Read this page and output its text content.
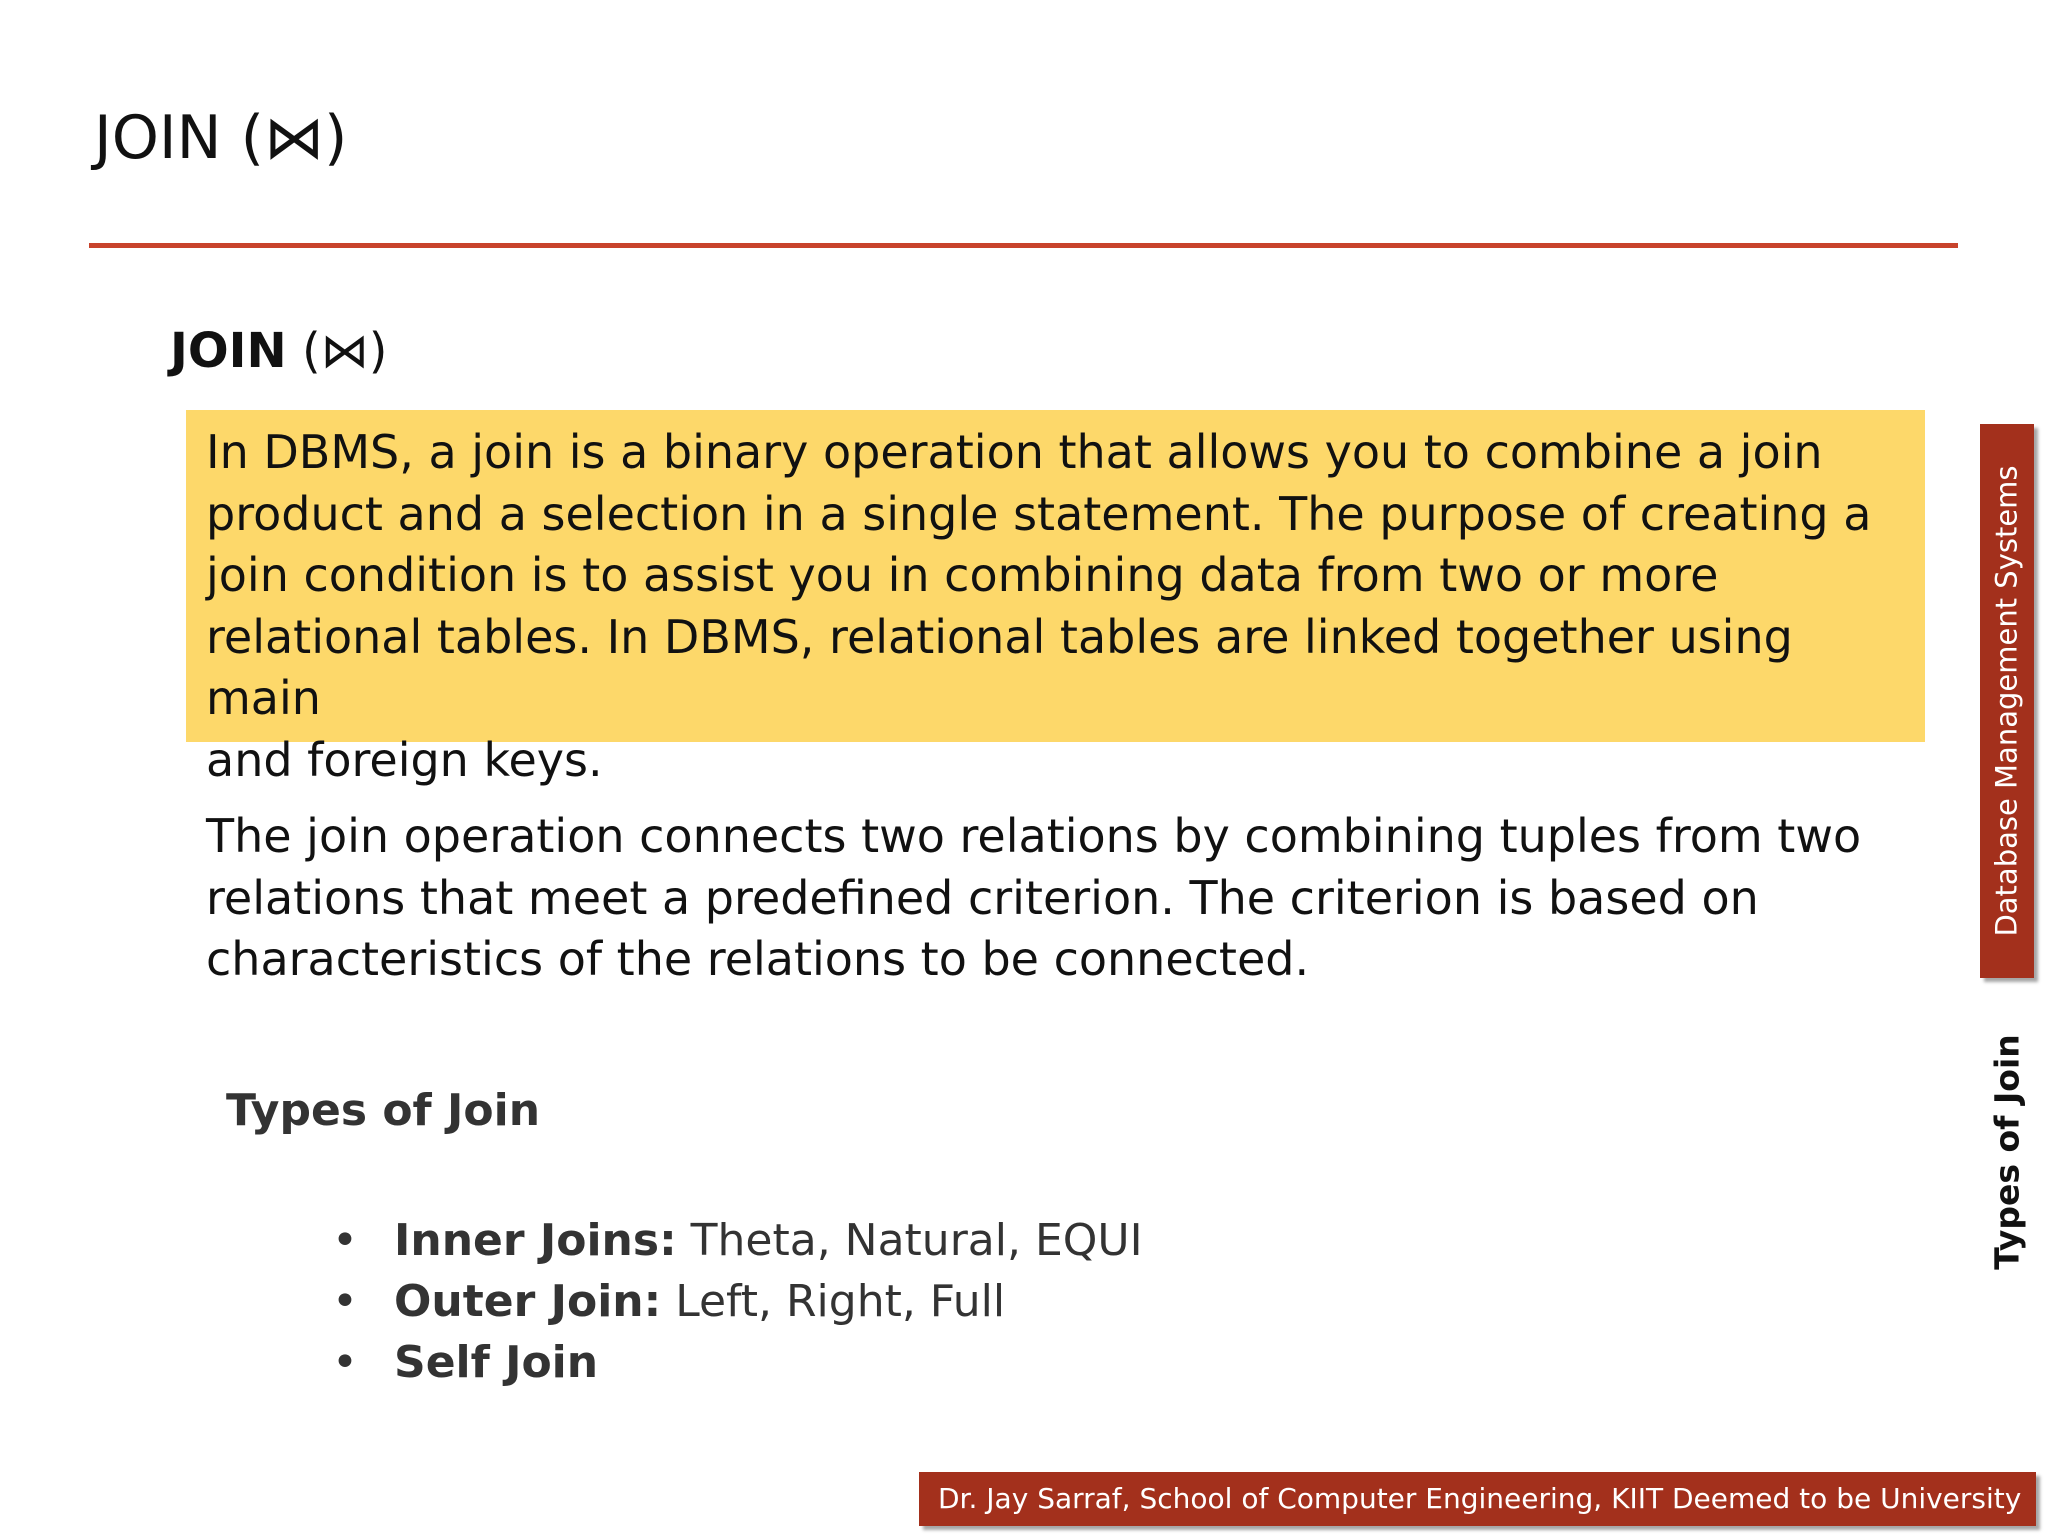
JOIN (⋈)
JOIN (⋈)
In DBMS, a join is a binary operation that allows you to combine a join
product and a selection in a single statement. The purpose of creating a
join condition is to assist you in combining data from two or more
relational tables. In DBMS, relational tables are linked together using main
and foreign keys.
The join operation connects two relations by combining tuples from two
relations that meet a predefined criterion. The criterion is based on
characteristics of the relations to be connected.
Types of Join
• Inner Joins: Theta, Natural, EQUI
• Outer Join: Left, Right, Full
• Self Join
Database Management Systems
Types of Join
Dr. Jay Sarraf, School of Computer Engineering, KIIT Deemed to be University
